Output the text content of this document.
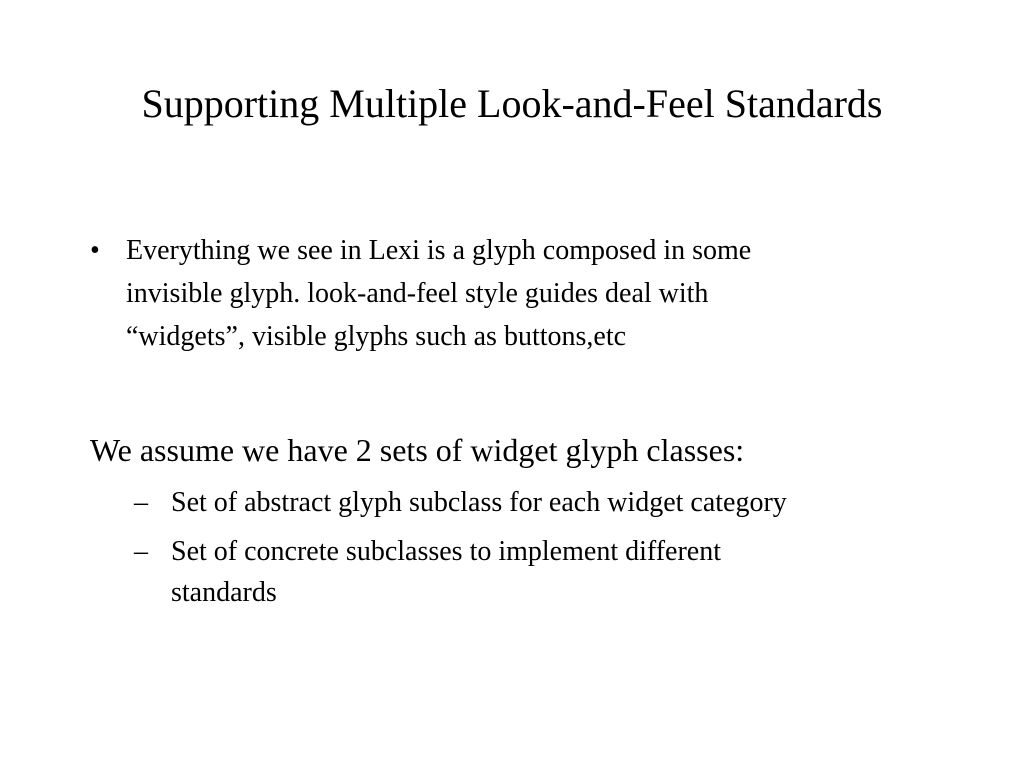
Supporting Multiple Look-and-Feel Standards
• Everything we see in Lexi is a glyph composed in some
invisible glyph. look-and-feel style guides deal with
“widgets”, visible glyphs such as buttons,etc
We assume we have 2 sets of widget glyph classes:
– Set of abstract glyph subclass for each widget category
– Set of concrete subclasses to implement different
standards
